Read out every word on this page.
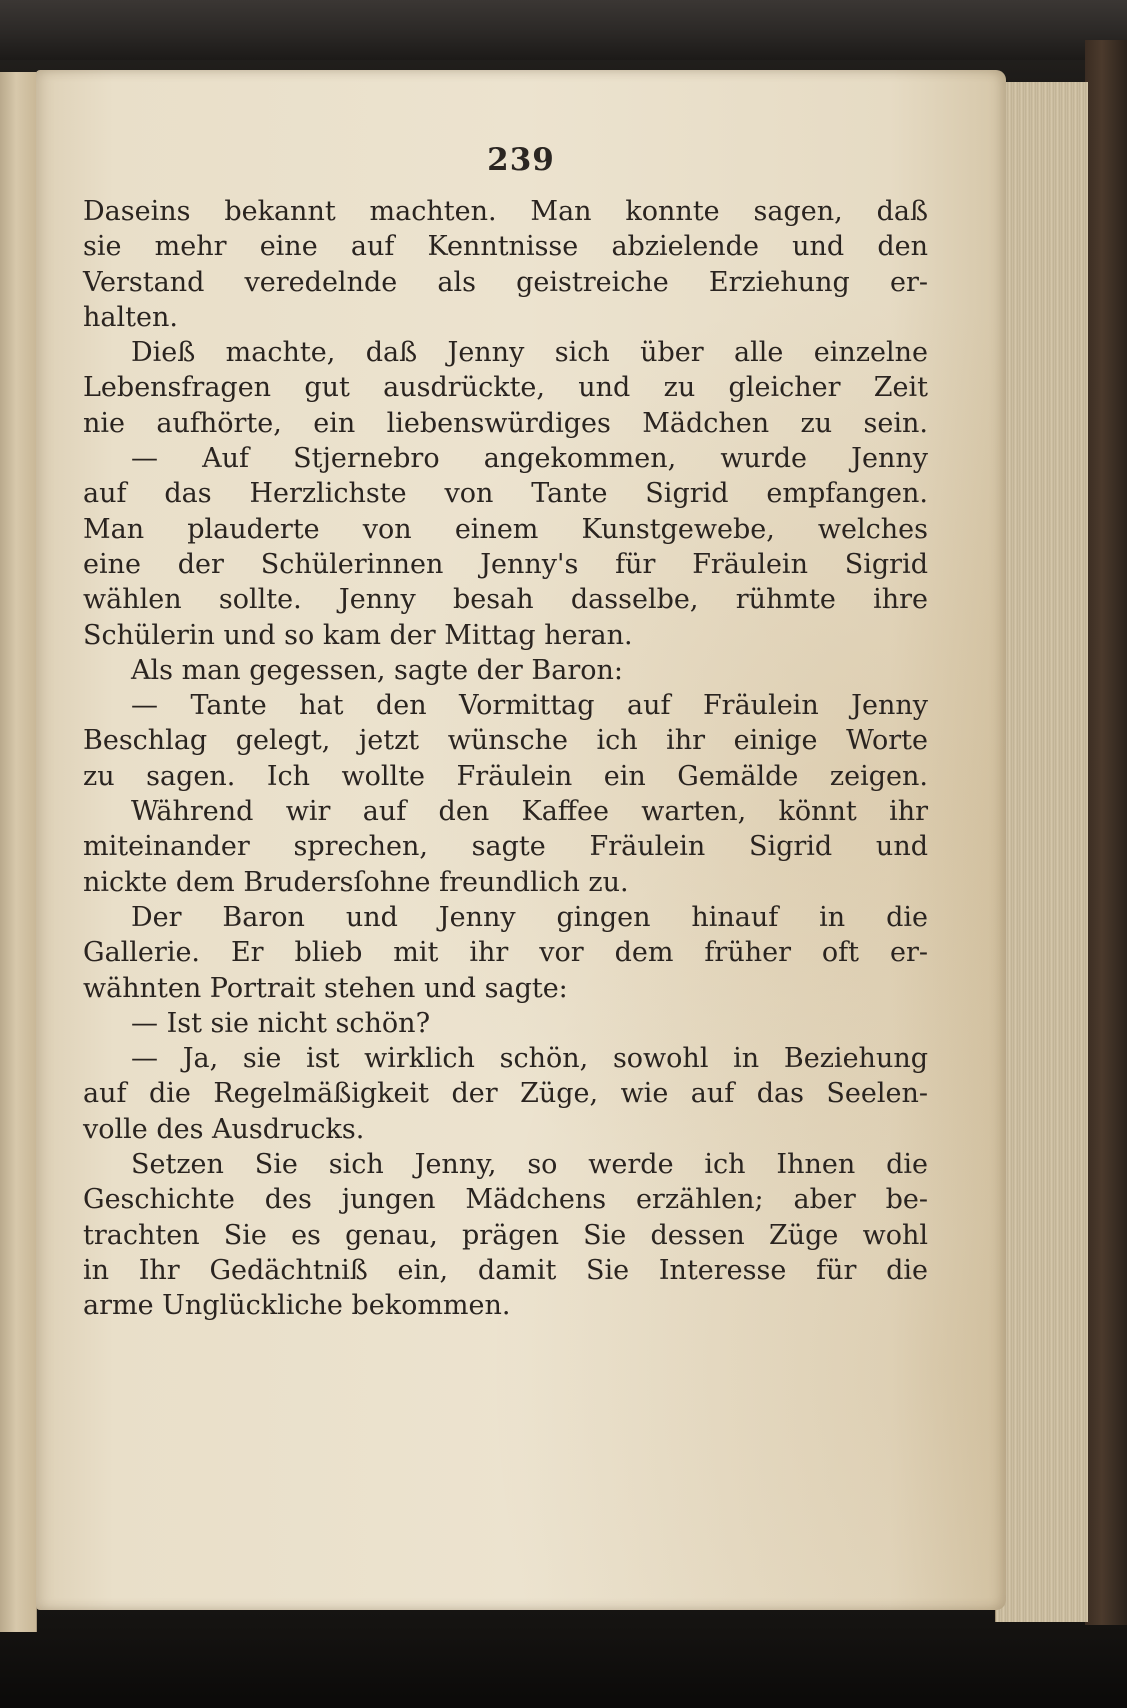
239
Daseins bekannt machten. Man konnte sagen, daß
sie mehr eine auf Kenntnisse abzielende und den
Verstand veredelnde als geistreiche Erziehung er-
halten.
Dieß machte, daß Jenny sich über alle einzelne
Lebensfragen gut ausdrückte, und zu gleicher Zeit
nie aufhörte, ein liebenswürdiges Mädchen zu sein.
— Auf Stjernebro angekommen, wurde Jenny
auf das Herzlichste von Tante Sigrid empfangen.
Man plauderte von einem Kunstgewebe, welches
eine der Schülerinnen Jenny's für Fräulein Sigrid
wählen sollte. Jenny besah dasselbe, rühmte ihre
Schülerin und so kam der Mittag heran.
Als man gegessen, sagte der Baron:
— Tante hat den Vormittag auf Fräulein Jenny
Beschlag gelegt, jetzt wünsche ich ihr einige Worte
zu sagen. Ich wollte Fräulein ein Gemälde zeigen.
Während wir auf den Kaffee warten, könnt ihr
miteinander sprechen, sagte Fräulein Sigrid und
nickte dem Brudersſohne freundlich zu.
Der Baron und Jenny gingen hinauf in die
Gallerie. Er blieb mit ihr vor dem früher oft er-
wähnten Portrait stehen und sagte:
— Ist sie nicht schön?
— Ja, sie ist wirklich schön, sowohl in Beziehung
auf die Regelmäßigkeit der Züge, wie auf das Seelen-
volle des Ausdrucks.
Setzen Sie sich Jenny, so werde ich Ihnen die
Geschichte des jungen Mädchens erzählen; aber be-
trachten Sie es genau, prägen Sie dessen Züge wohl
in Ihr Gedächtniß ein, damit Sie Interesse für die
arme Unglückliche bekommen.
